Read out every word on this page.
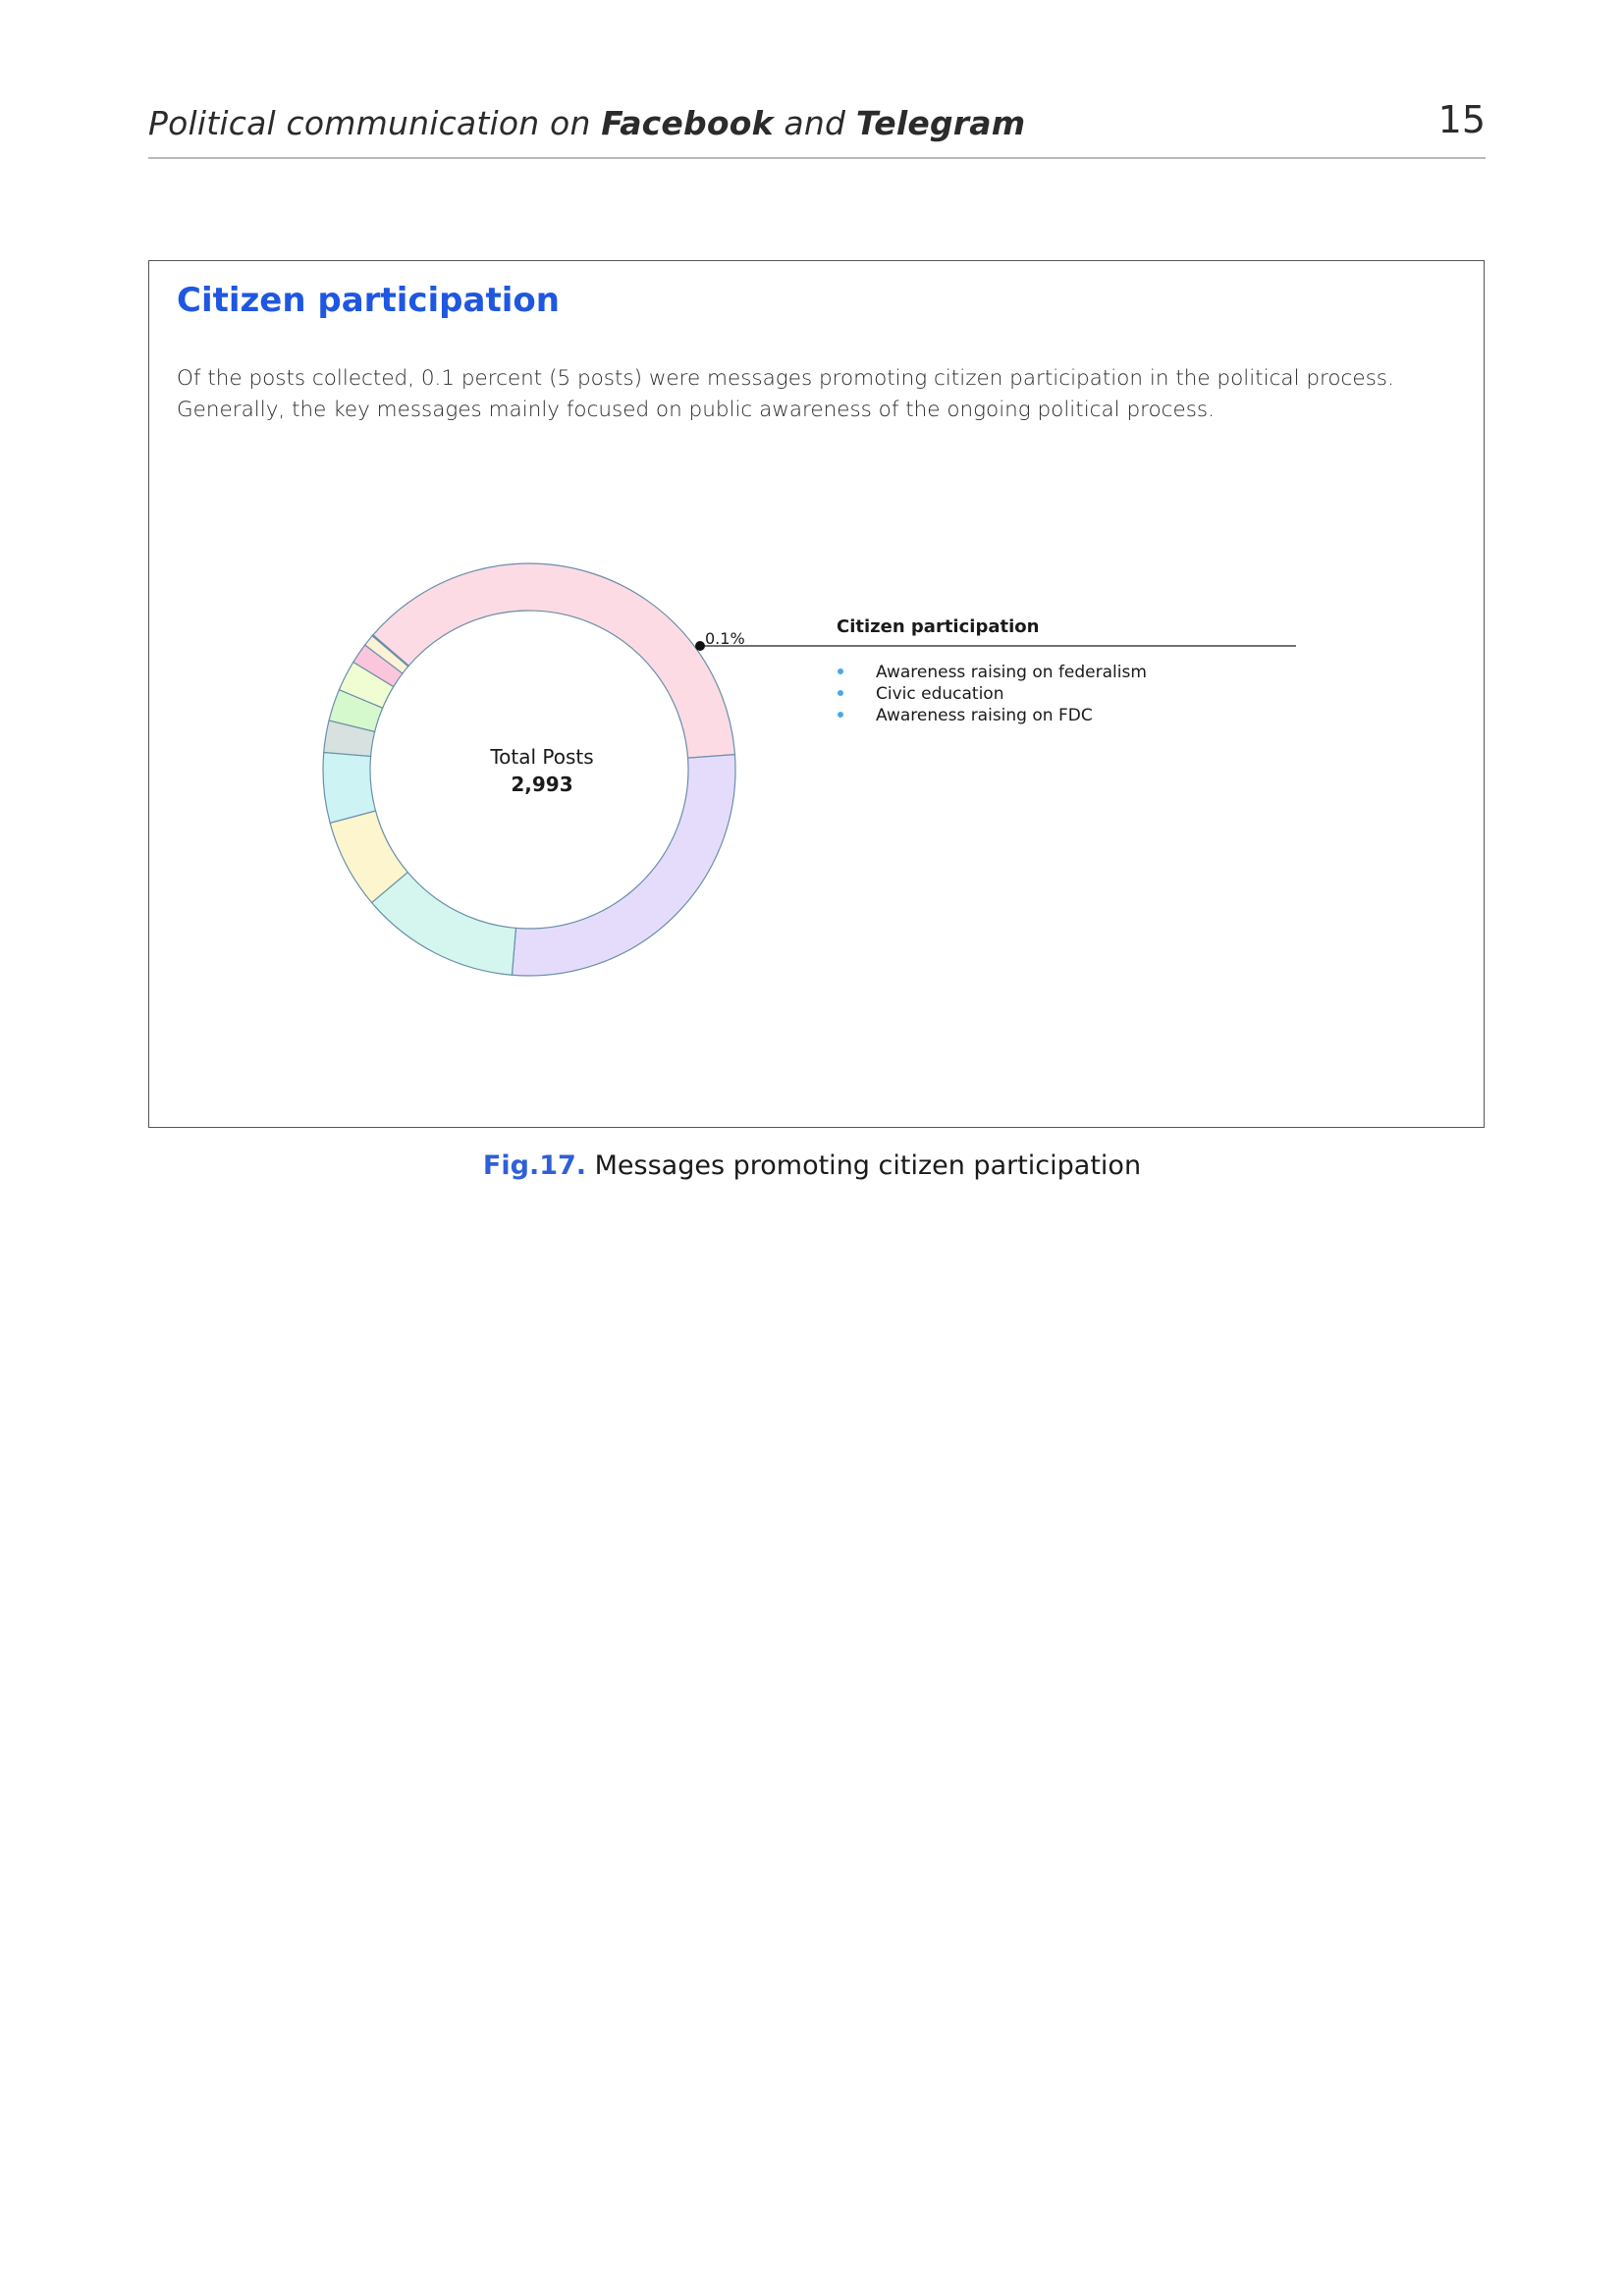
Political communication on Facebook and Telegram	15
Citizen participation
Of the posts collected, 0.1 percent (5 posts) were messages promoting citizen participation in the political process. Generally, the key messages mainly focused on public awareness of the ongoing political process.
Total Posts
2,993
0.1%
Citizen participation
Awareness raising on federalism
Civic education
Awareness raising on FDC
Fig.17. Messages promoting citizen participation
